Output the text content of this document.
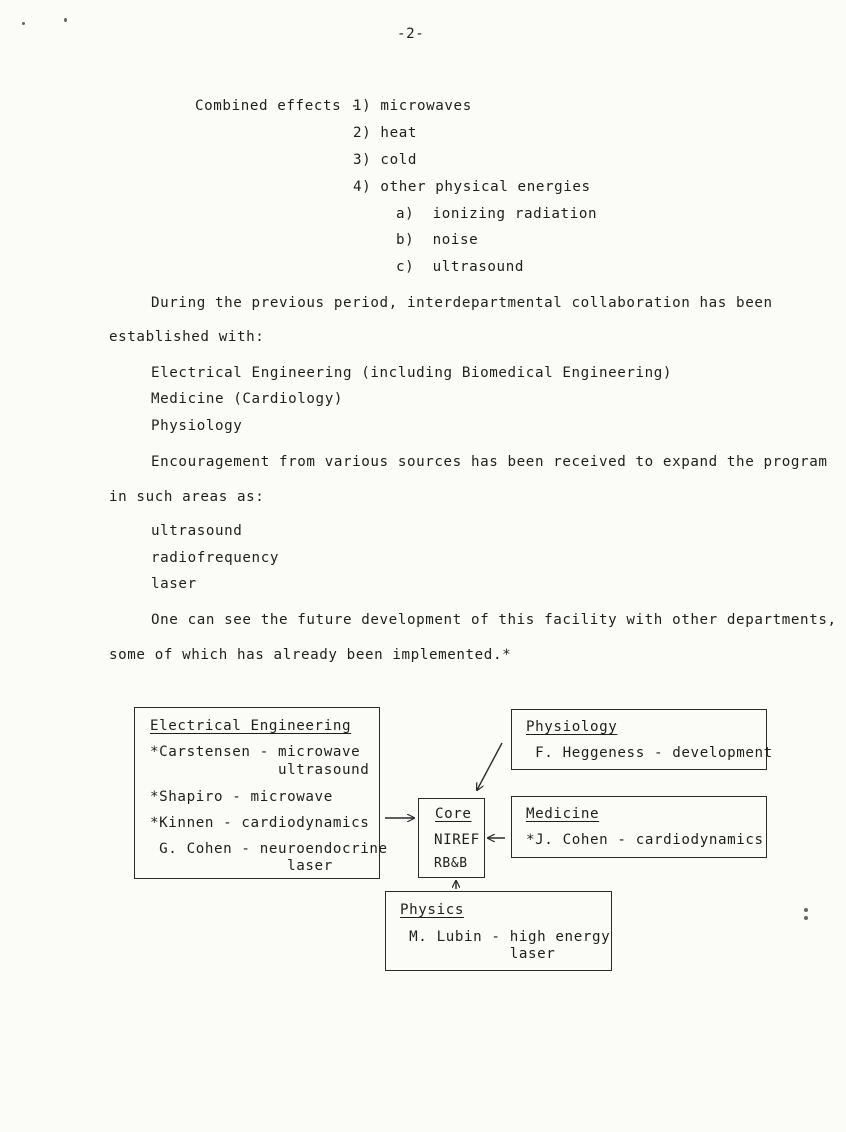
-2-
Combined effects -
1) microwaves
2) heat
3) cold
4) other physical energies
a)  ionizing radiation
b)  noise
c)  ultrasound
During the previous period, interdepartmental collaboration has been
established with:
Electrical Engineering (including Biomedical Engineering)
Medicine (Cardiology)
Physiology
Encouragement from various sources has been received to expand the program
in such areas as:
ultrasound
radiofrequency
laser
One can see the future development of this facility with other departments,
some of which has already been implemented.*
Electrical Engineering
*Carstensen - microwave
ultrasound
*Shapiro - microwave
*Kinnen - cardiodynamics
G. Cohen - neuroendocrine
laser
Core
NIREF
RB&B
Physiology
F. Heggeness - development
Medicine
*J. Cohen - cardiodynamics
Physics
M. Lubin - high energy
laser
